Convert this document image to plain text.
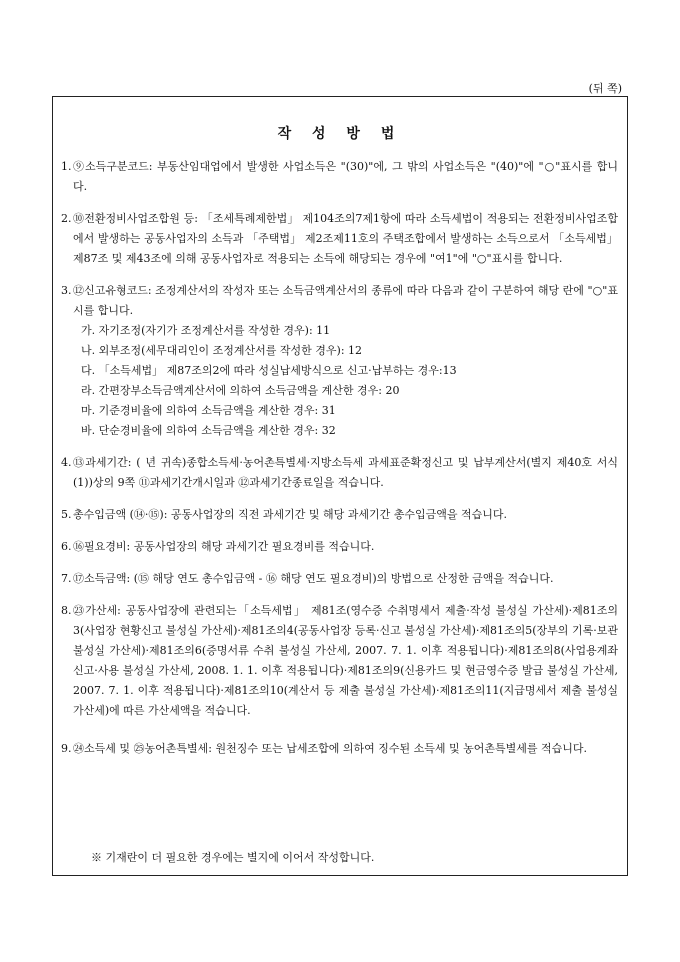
(뒤 쪽)
작 성 방 법
1. ⑨소득구분코드: 부동산임대업에서 발생한 사업소득은 "(30)"에, 그 밖의 사업소득은 "(40)"에 "○"표시를 합니다.

2. ⑩전환정비사업조합원 등: 「조세특례제한법」 제104조의7제1항에 따라 소득세법이 적용되는 전환정비사업조합에서 발생하는 공동사업자의 소득과 「주택법」 제2조제11호의 주택조합에서 발생하는 소득으로서 「소득세법」 제87조 및 제43조에 의해 공동사업자로 적용되는 소득에 해당되는 경우에 "여1"에 "○"표시를 합니다.

3. ⑫신고유형코드: 조정계산서의 작성자 또는 소득금액계산서의 종류에 따라 다음과 같이 구분하여 해당 란에 "○"표시를 합니다.

가. 자기조정(자기가 조정계산서를 작성한 경우): 11

나. 외부조정(세무대리인이 조정계산서를 작성한 경우): 12

다. 「소득세법」 제87조의2에 따라 성실납세방식으로 신고·납부하는 경우:13

라. 간편장부소득금액계산서에 의하여 소득금액을 계산한 경우: 20

마. 기준경비율에 의하여 소득금액을 계산한 경우: 31

바. 단순경비율에 의하여 소득금액을 계산한 경우: 32

4. ⑬과세기간: ( 년 귀속)종합소득세·농어촌특별세·지방소득세 과세표준확정신고 및 납부계산서(별지 제40호 서식(1))상의 9쪽 ⑪과세기간개시일과 ⑫과세기간종료일을 적습니다.

5. 총수입금액 (⑭·⑮): 공동사업장의 직전 과세기간 및 해당 과세기간 총수입금액을 적습니다.

6. ⑯필요경비: 공동사업장의 해당 과세기간 필요경비를 적습니다.

7. ⑰소득금액: (⑮ 해당 연도 총수입금액 - ⑯ 해당 연도 필요경비)의 방법으로 산정한 금액을 적습니다.

8. ㉓가산세: 공동사업장에 관련되는「소득세법」 제81조(영수증 수취명세서 제출·작성 불성실 가산세)·제81조의3(사업장 현황신고 불성실 가산세)·제81조의4(공동사업장 등록·신고 불성실 가산세)·제81조의5(장부의 기록·보관 불성실 가산세)·제81조의6(증명서류 수취 불성실 가산세, 2007. 7. 1. 이후 적용됩니다)·제81조의8(사업용계좌 신고·사용 불성실 가산세, 2008. 1. 1. 이후 적용됩니다)·제81조의9(신용카드 및 현금영수증 발급 불성실 가산세, 2007. 7. 1. 이후 적용됩니다)·제81조의10(계산서 등 제출 불성실 가산세)·제81조의11(지급명세서 제출 불성실 가산세)에 따른 가산세액을 적습니다.

9. ㉔소득세 및 ㉕농어촌특별세: 원천징수 또는 납세조합에 의하여 징수된 소득세 및 농어촌특별세를 적습니다.

※ 기재란이 더 필요한 경우에는 별지에 이어서 작성합니다.
